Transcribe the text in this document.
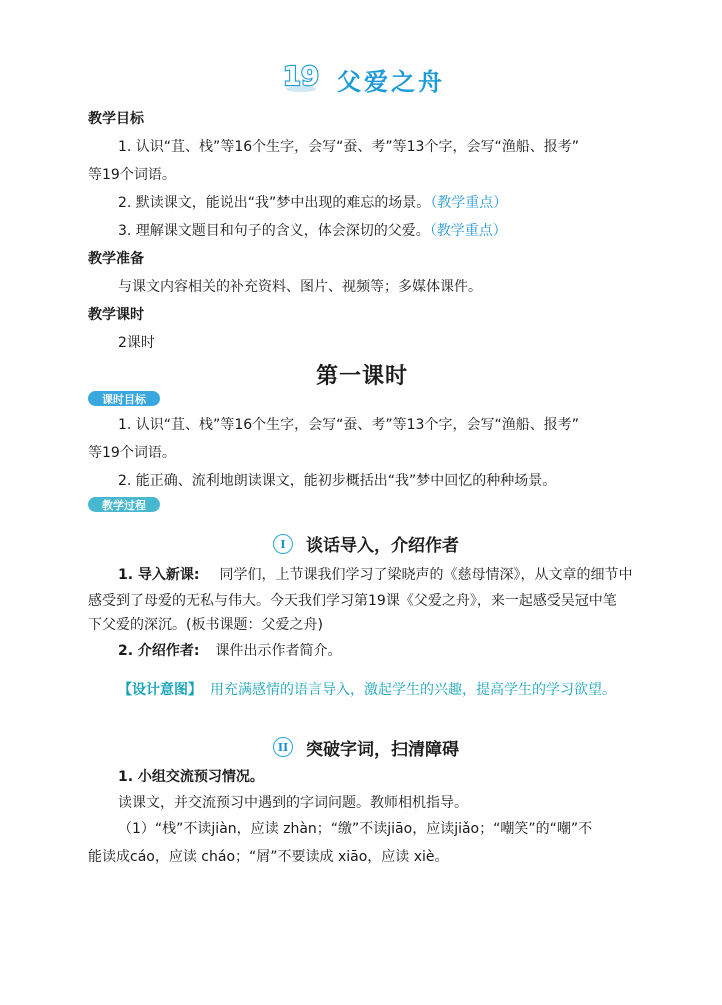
19 父爱之舟
教学目标
1. 认识“苴、栈”等16个生字，会写“蚕、考”等13个字，会写“渔船、报考”
等19个词语。
2. 默读课文，能说出“我”梦中出现的难忘的场景。（教学重点）
3. 理解课文题目和句子的含义，体会深切的父爱。（教学重点）
教学准备
与课文内容相关的补充资料、图片、视频等；多媒体课件。
教学课时
2课时
第一课时
课时目标
1. 认识“苴、栈”等16个生字，会写“蚕、考”等13个字，会写“渔船、报考”
等19个词语。
2. 能正确、流利地朗读课文，能初步概括出“我”梦中回忆的种种场景。
教学过程
I	谈话导入，介绍作者
1. 导入新课: 同学们，上节课我们学习了梁晓声的《慈母情深》，从文章的细节中
感受到了母爱的无私与伟大。今天我们学习第19课《父爱之舟》，来一起感受吴冠中笔
下父爱的深沉。(板书课题：父爱之舟)
2. 介绍作者: 课件出示作者简介。
【设计意图】 用充满感情的语言导入，激起学生的兴趣，提高学生的学习欲望。
II 突破字词，扫清障碍
1. 小组交流预习情况。
读课文，并交流预习中遇到的字词问题。教师相机指导。
（1）“栈”不读jiàn，应读 zhàn；“缴”不读jiāo，应读jiǎo；“嘲笑”的“嘲”不
能读成cáo，应读 cháo；“屑”不要读成 xiāo，应读 xiè。
